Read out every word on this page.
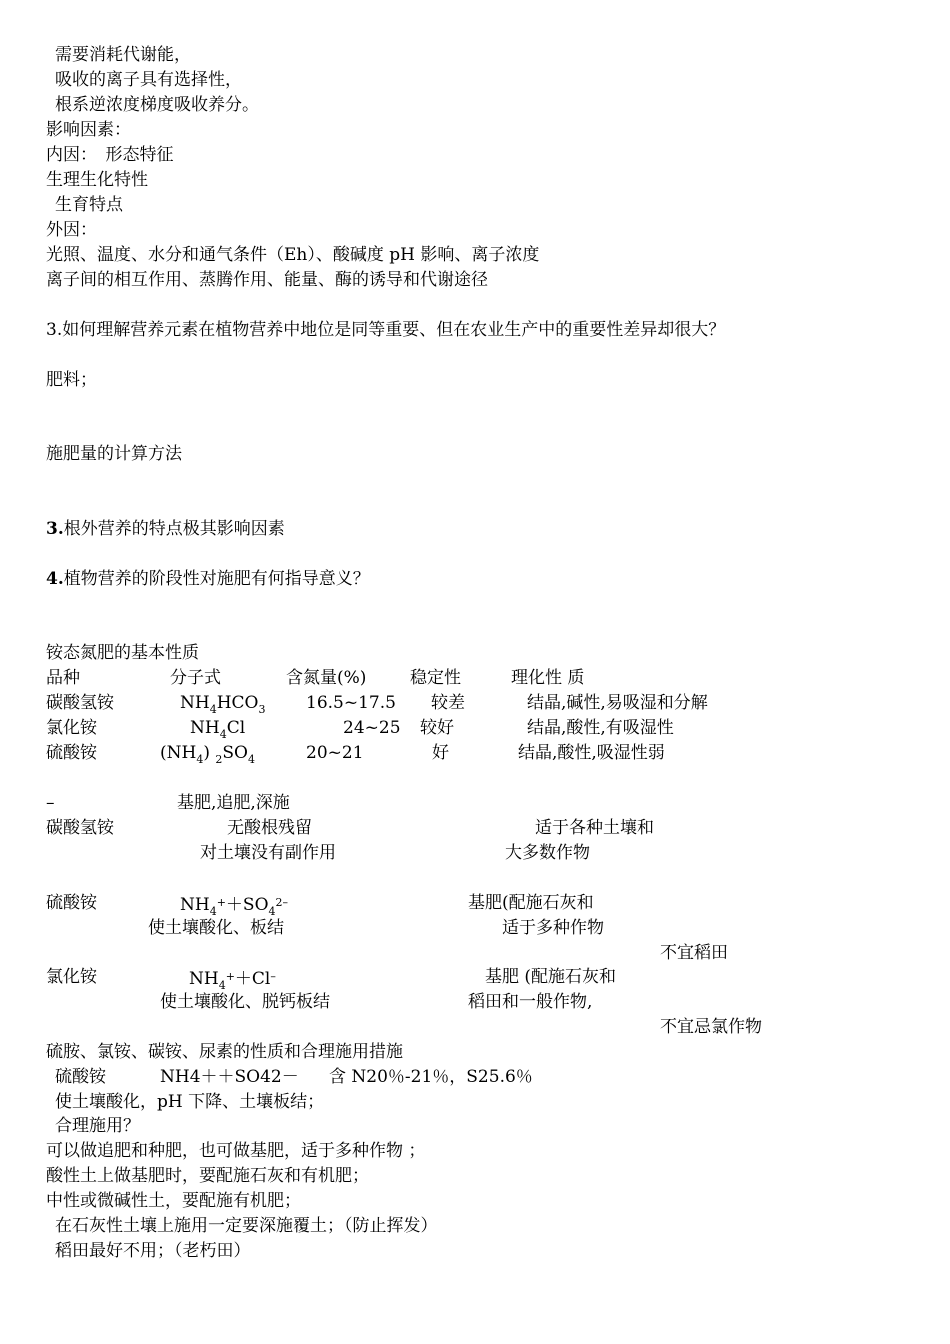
需要消耗代谢能，
吸收的离子具有选择性，
根系逆浓度梯度吸收养分。
影响因素：
内因：　形态特征
生理生化特性
生育特点
外因：
光照、温度、水分和通气条件（Eh）、酸碱度 pH 影响、离子浓度
离子间的相互作用、蒸腾作用、能量、酶的诱导和代谢途径
3.如何理解营养元素在植物营养中地位是同等重要、但在农业生产中的重要性差异却很大？
肥料；
施肥量的计算方法
3.根外营养的特点极其影响因素
4.植物营养的阶段性对施肥有何指导意义？
铵态氮肥的基本性质
品种	分子式	含氮量(%)	稳定性	理化性 质
碳酸氢铵	$NH_4HCO_3$ 16.5~17.5 较差	结晶,碱性,易吸湿和分解
氯化铵	$NH_4Cl$	24~25 较好	结晶,酸性,有吸湿性
硫酸铵	$(NH_4)$ $_2SO_4$	20~21	好	结晶,酸性,吸湿性弱
–	基肥,追肥,深施
碳酸氢铵	无酸根残留	适于各种土壤和
对土壤没有副作用	大多数作物
硫酸铵	$NH_4^++SO_4^{2-}$	基肥(配施石灰和
使土壤酸化、板结	适于多种作物
不宜稻田
氯化铵	$NH_4^++Cl^-$	基肥 (配施石灰和
使土壤酸化、脱钙板结	稻田和一般作物,
不宜忌氯作物
硫胺、氯铵、碳铵、尿素的性质和合理施用措施
硫酸铵	NH4＋＋SO42－ 含 N20％-21％，S25.6％
使土壤酸化，pH 下降、土壤板结；
合理施用？
可以做追肥和种肥，也可做基肥，适于多种作物 ；
酸性土上做基肥时，要配施石灰和有机肥；
中性或微碱性土，要配施有机肥；
在石灰性土壤上施用一定要深施覆土；（防止挥发）
稻田最好不用；（老朽田）
